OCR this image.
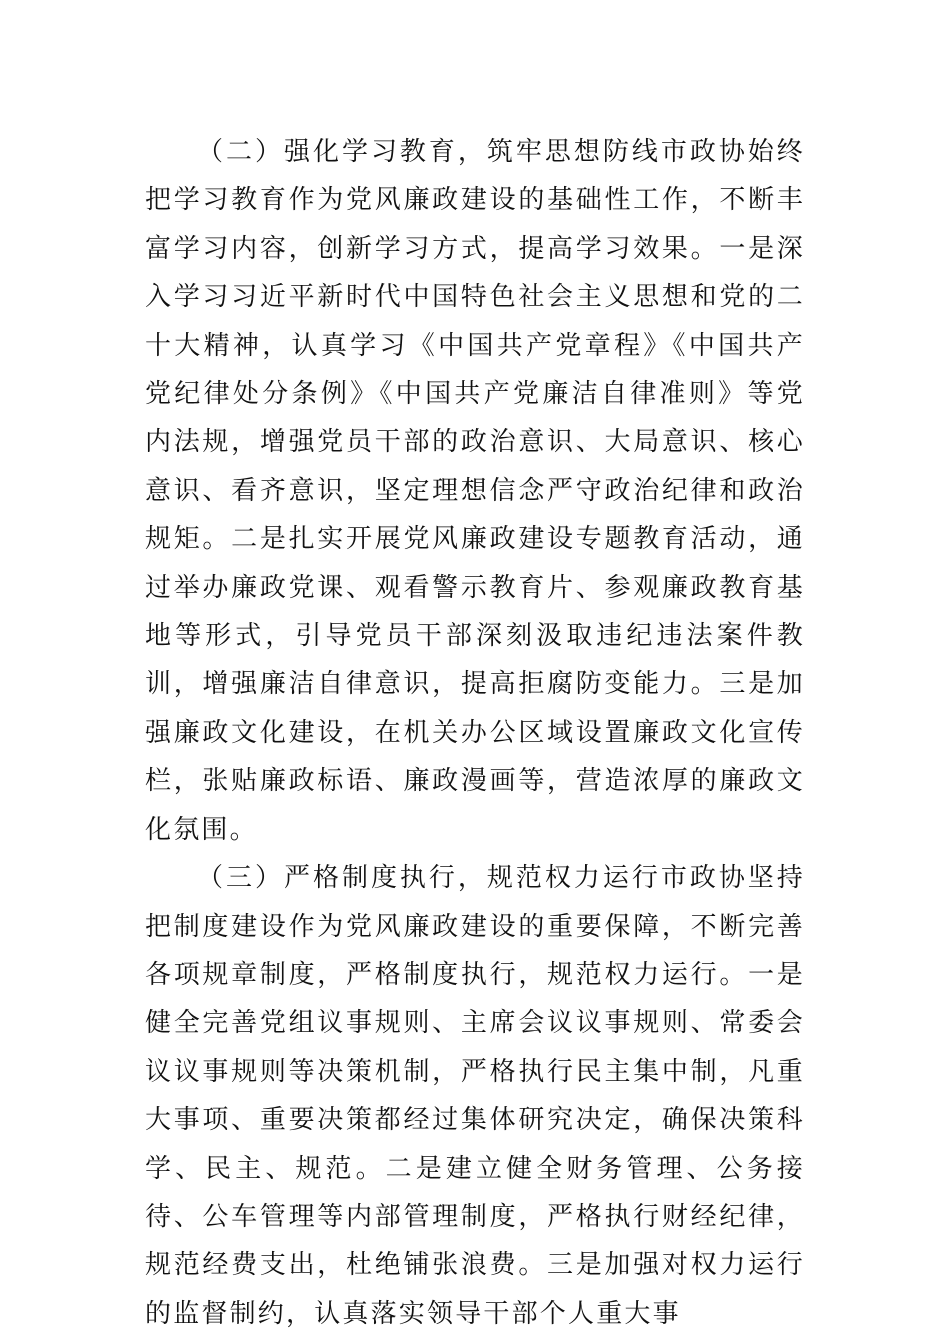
（二）强化学习教育，筑牢思想防线市政协始终把学习教育作为党风廉政建设的基础性工作，不断丰富学习内容，创新学习方式，提高学习效果。一是深入学习习近平新时代中国特色社会主义思想和党的二十大精神，认真学习《中国共产党章程》《中国共产党纪律处分条例》《中国共产党廉洁自律准则》等党内法规，增强党员干部的政治意识、大局意识、核心意识、看齐意识，坚定理想信念严守政治纪律和政治规矩。二是扎实开展党风廉政建设专题教育活动，通过举办廉政党课、观看警示教育片、参观廉政教育基地等形式，引导党员干部深刻汲取违纪违法案件教训，增强廉洁自律意识，提高拒腐防变能力。三是加强廉政文化建设，在机关办公区域设置廉政文化宣传栏，张贴廉政标语、廉政漫画等，营造浓厚的廉政文化氛围。

（三）严格制度执行，规范权力运行市政协坚持把制度建设作为党风廉政建设的重要保障，不断完善各项规章制度，严格制度执行，规范权力运行。一是健全完善党组议事规则、主席会议议事规则、常委会议议事规则等决策机制，严格执行民主集中制，凡重大事项、重要决策都经过集体研究决定，确保决策科学、民主、规范。二是建立健全财务管理、公务接待、公车管理等内部管理制度，严格执行财经纪律，规范经费支出，杜绝铺张浪费。三是加强对权力运行的监督制约，认真落实领导干部个人重大事
